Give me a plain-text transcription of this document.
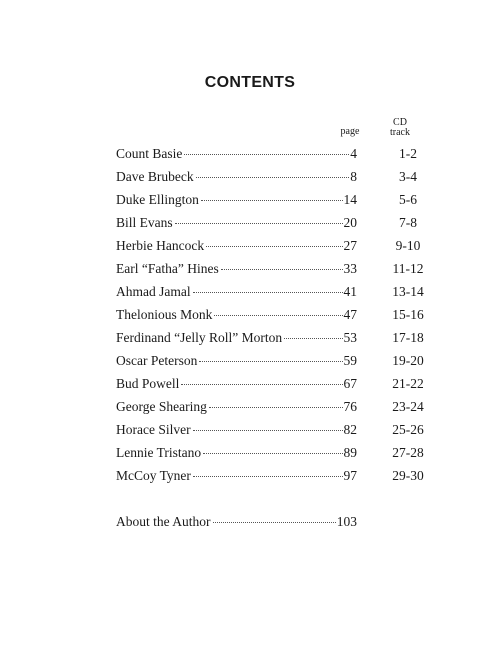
CONTENTS
page
CD
track
Count Basie	4	1-2
Dave Brubeck	8	3-4
Duke Ellington	14	5-6
Bill Evans	20	7-8
Herbie Hancock	27	9-10
Earl “Fatha” Hines	33	11-12
Ahmad Jamal	41	13-14
Thelonious Monk	47	15-16
Ferdinand “Jelly Roll” Morton	53	17-18
Oscar Peterson	59	19-20
Bud Powell	67	21-22
George Shearing	76	23-24
Horace Silver	82	25-26
Lennie Tristano	89	27-28
McCoy Tyner	97	29-30
About the Author	103
